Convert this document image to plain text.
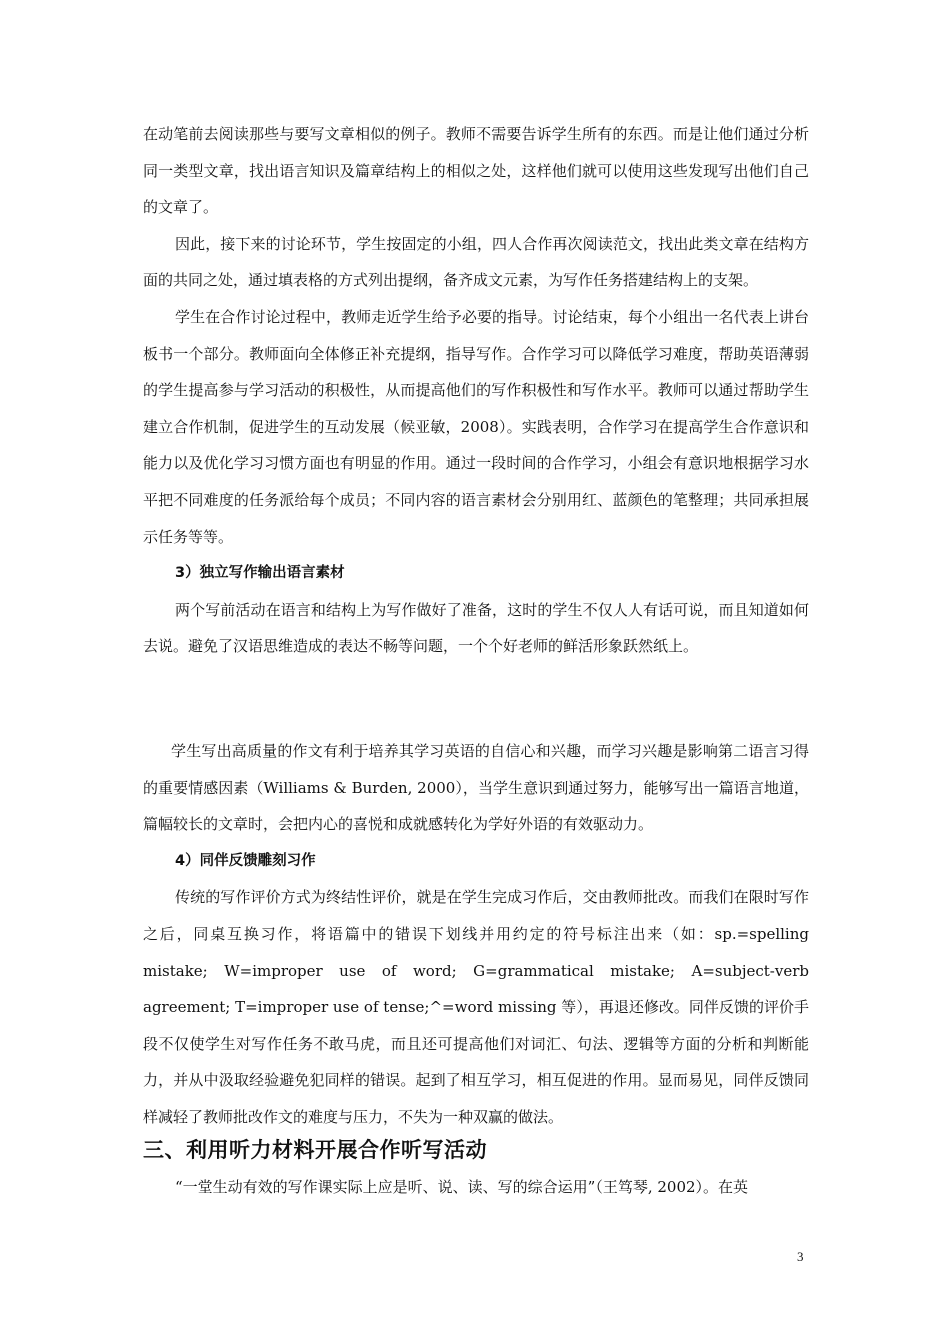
在动笔前去阅读那些与要写文章相似的例子。教师不需要告诉学生所有的东西。而是让他们通过分析同一类型文章，找出语言知识及篇章结构上的相似之处，这样他们就可以使用这些发现写出他们自己的文章了。

因此，接下来的讨论环节，学生按固定的小组，四人合作再次阅读范文，找出此类文章在结构方面的共同之处，通过填表格的方式列出提纲，备齐成文元素，为写作任务搭建结构上的支架。

学生在合作讨论过程中，教师走近学生给予必要的指导。讨论结束，每个小组出一名代表上讲台板书一个部分。教师面向全体修正补充提纲，指导写作。合作学习可以降低学习难度，帮助英语薄弱的学生提高参与学习活动的积极性，从而提高他们的写作积极性和写作水平。教师可以通过帮助学生建立合作机制，促进学生的互动发展（候亚敏，2008）。实践表明，合作学习在提高学生合作意识和能力以及优化学习习惯方面也有明显的作用。通过一段时间的合作学习，小组会有意识地根据学习水平把不同难度的任务派给每个成员；不同内容的语言素材会分别用红、蓝颜色的笔整理；共同承担展示任务等等。

3）独立写作输出语言素材

两个写前活动在语言和结构上为写作做好了准备，这时的学生不仅人人有话可说，而且知道如何去说。避免了汉语思维造成的表达不畅等问题，一个个好老师的鲜活形象跃然纸上。

学生写出高质量的作文有利于培养其学习英语的自信心和兴趣，而学习兴趣是影响第二语言习得的重要情感因素（Williams & Burden, 2000），当学生意识到通过努力，能够写出一篇语言地道，篇幅较长的文章时，会把内心的喜悦和成就感转化为学好外语的有效驱动力。

4）同伴反馈雕刻习作

传统的写作评价方式为终结性评价，就是在学生完成习作后，交由教师批改。而我们在限时写作之后，同桌互换习作，将语篇中的错误下划线并用约定的符号标注出来（如：sp.=spelling mistake; W=improper use of word; G=grammatical mistake; A=subject-verb agreement; T=improper use of tense;^=word missing 等），再退还修改。同伴反馈的评价手段不仅使学生对写作任务不敢马虎，而且还可提高他们对词汇、句法、逻辑等方面的分析和判断能力，并从中汲取经验避免犯同样的错误。起到了相互学习，相互促进的作用。显而易见，同伴反馈同样减轻了教师批改作文的难度与压力，不失为一种双赢的做法。

三、利用听力材料开展合作听写活动

“一堂生动有效的写作课实际上应是听、说、读、写的综合运用”（王笃琴, 2002）。在英

3
